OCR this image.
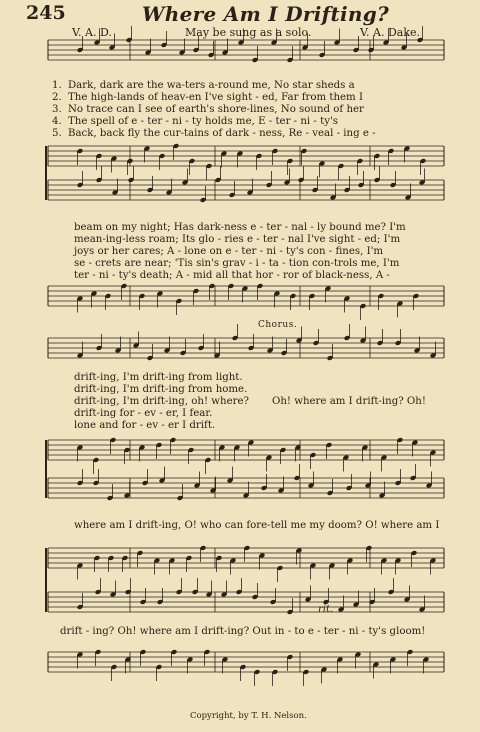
245	Where Am I Drifting?
V. A. D.	May be sung as a solo.	V. A. Dake.
1. Dark, dark are the wa-ters a-round me, No star sheds a
2. The high-lands of heav-en I've sight - ed, Far from them I
3. No trace can I see of earth's shore-lines, No sound of her
4. The spell of e - ter - ni - ty holds me, E - ter - ni - ty's
5. Back, back fly the cur-tains of dark - ness, Re - veal - ing e -
beam on my night; Has dark-ness e - ter - nal - ly bound me? I'm
mean-ing-less roam; Its glo - ries e - ter - nal I've sight - ed; I'm
joys or her cares; A - lone on e - ter - ni - ty's con - fines, I'm
se - crets are near; 'Tis sin's grav - i - ta - tion con-trols me, I'm
ter - ni - ty's death; A - mid all that hor - ror of black-ness, A -
Chorus.
drift-ing, I'm drift-ing from light.
drift-ing, I'm drift-ing from home.
drift-ing, I'm drift-ing, oh! where?
drift-ing for - ev - er, I fear.
lone and for - ev - er I drift.
Oh! where am I drift-ing? Oh!
where am I drift-ing, O! who can fore-tell me my doom? O! where am I
drift - ing? Oh! where am I drift-ing? Out in - to e - ter - ni - ty's gloom!
rit.
Copyright, by T. H. Nelson.
